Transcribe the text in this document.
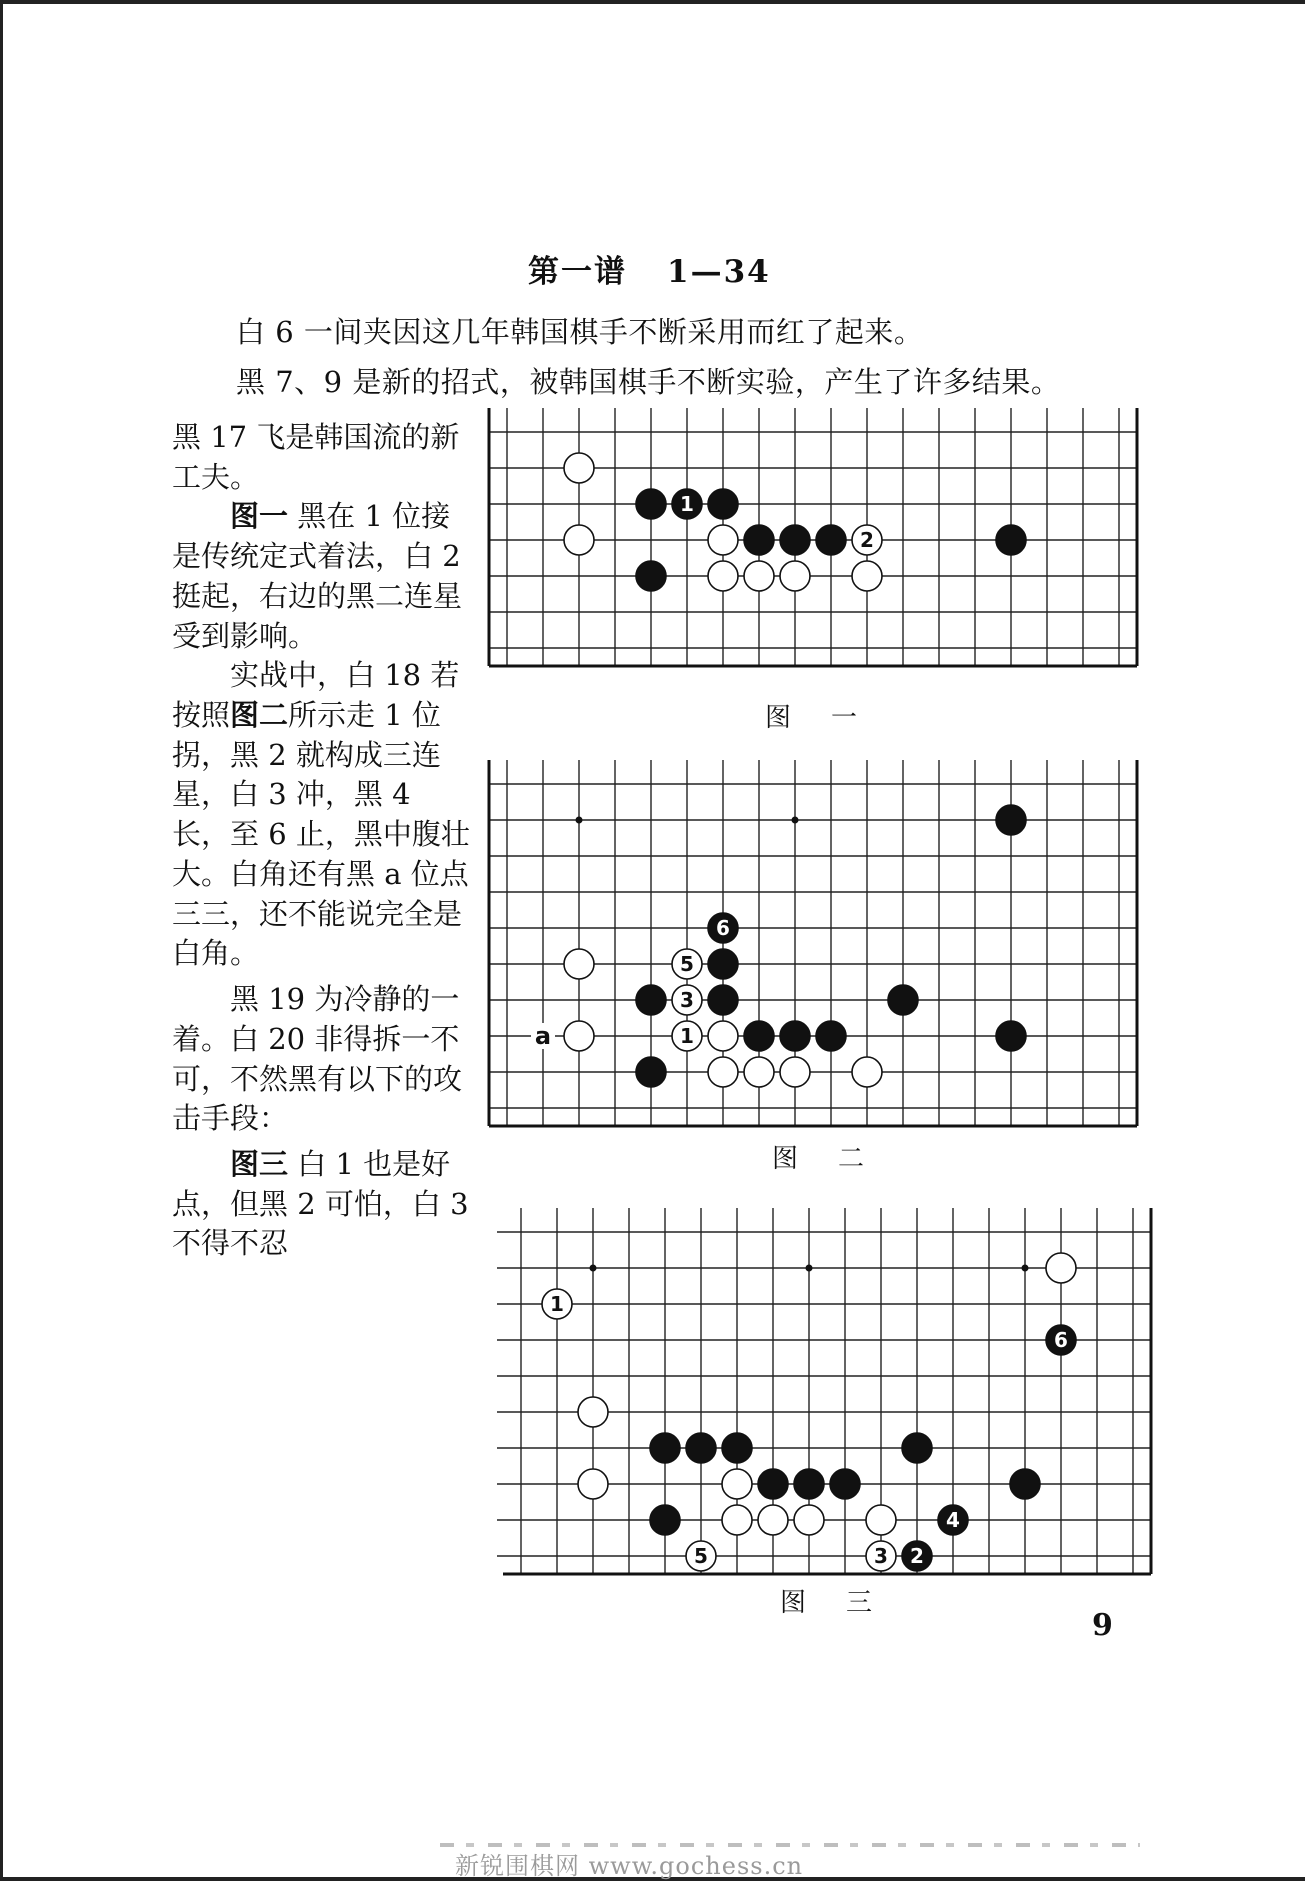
第一谱 1—34
白 6 一间夹因这几年韩国棋手不断采用而红了起来。
黑 7、9 是新的招式，被韩国棋手不断实验，产生了许多结果。

黑 17 飞是韩国流的新工夫。

图一 黑在 1 位接是传统定式着法，白 2 挺起，右边的黑二连星受到影响。

实战中，白 18 若按照图二所示走 1 位拐，黑 2 就构成三连星，白 3 冲，黑 4 长，至 6 止，黑中腹壮大。白角还有黑 a 位点三三，还不能说完全是白角。

黑 19 为冷静的一着。白 20 非得拆一不可，不然黑有以下的攻击手段：

图三 白 1 也是好点，但黑 2 可怕，白 3 不得不忍

1
2
图 一
a
6
5
3
1
图 二
1
6
4
5	3 2
图 三
9
新锐围棋网 www.gochess.cn
